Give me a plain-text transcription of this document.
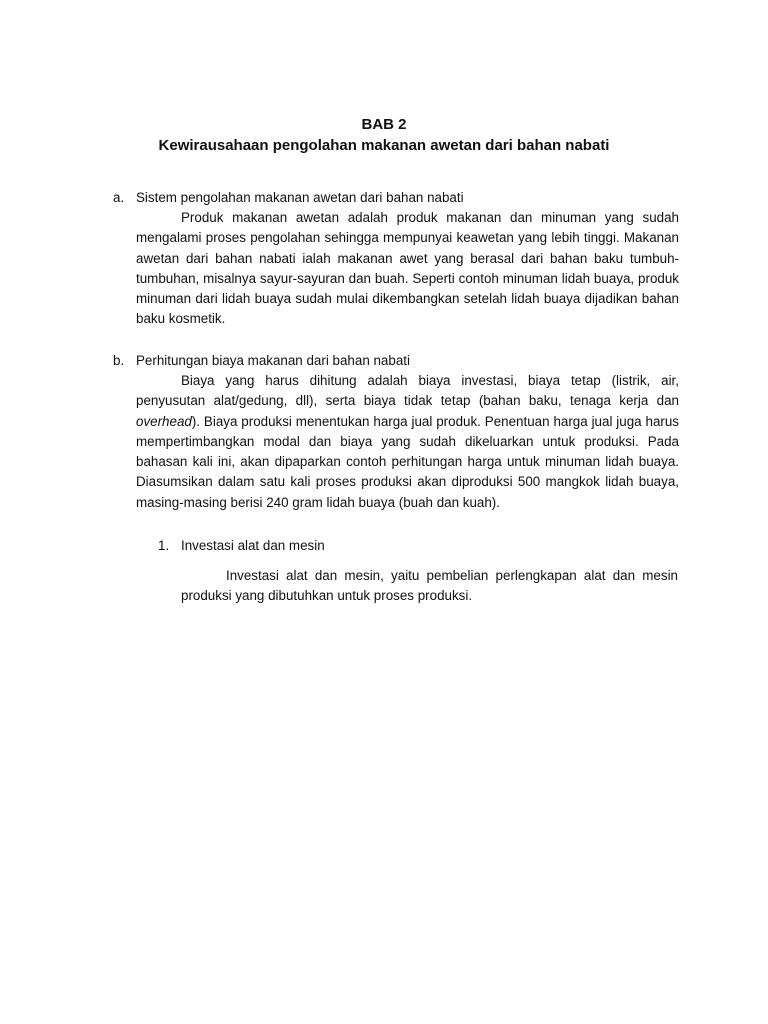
BAB 2
Kewirausahaan pengolahan makanan awetan dari bahan nabati
a. Sistem pengolahan makanan awetan dari bahan nabati

Produk makanan awetan adalah produk makanan dan minuman yang sudah mengalami proses pengolahan sehingga mempunyai keawetan yang lebih tinggi. Makanan awetan dari bahan nabati ialah makanan awet yang berasal dari bahan baku tumbuh-tumbuhan, misalnya sayur-sayuran dan buah. Seperti contoh minuman lidah buaya, produk minuman dari lidah buaya sudah mulai dikembangkan setelah lidah buaya dijadikan bahan baku kosmetik.

b. Perhitungan biaya makanan dari bahan nabati

Biaya yang harus dihitung adalah biaya investasi, biaya tetap (listrik, air, penyusutan alat/gedung, dll), serta biaya tidak tetap (bahan baku, tenaga kerja dan overhead). Biaya produksi menentukan harga jual produk. Penentuan harga jual juga harus mempertimbangkan modal dan biaya yang sudah dikeluarkan untuk produksi. Pada bahasan kali ini, akan dipaparkan contoh perhitungan harga untuk minuman lidah buaya. Diasumsikan dalam satu kali proses produksi akan diproduksi 500 mangkok lidah buaya, masing-masing berisi 240 gram lidah buaya (buah dan kuah).

1. Investasi alat dan mesin

Investasi alat dan mesin, yaitu pembelian perlengkapan alat dan mesin produksi yang dibutuhkan untuk proses produksi.
